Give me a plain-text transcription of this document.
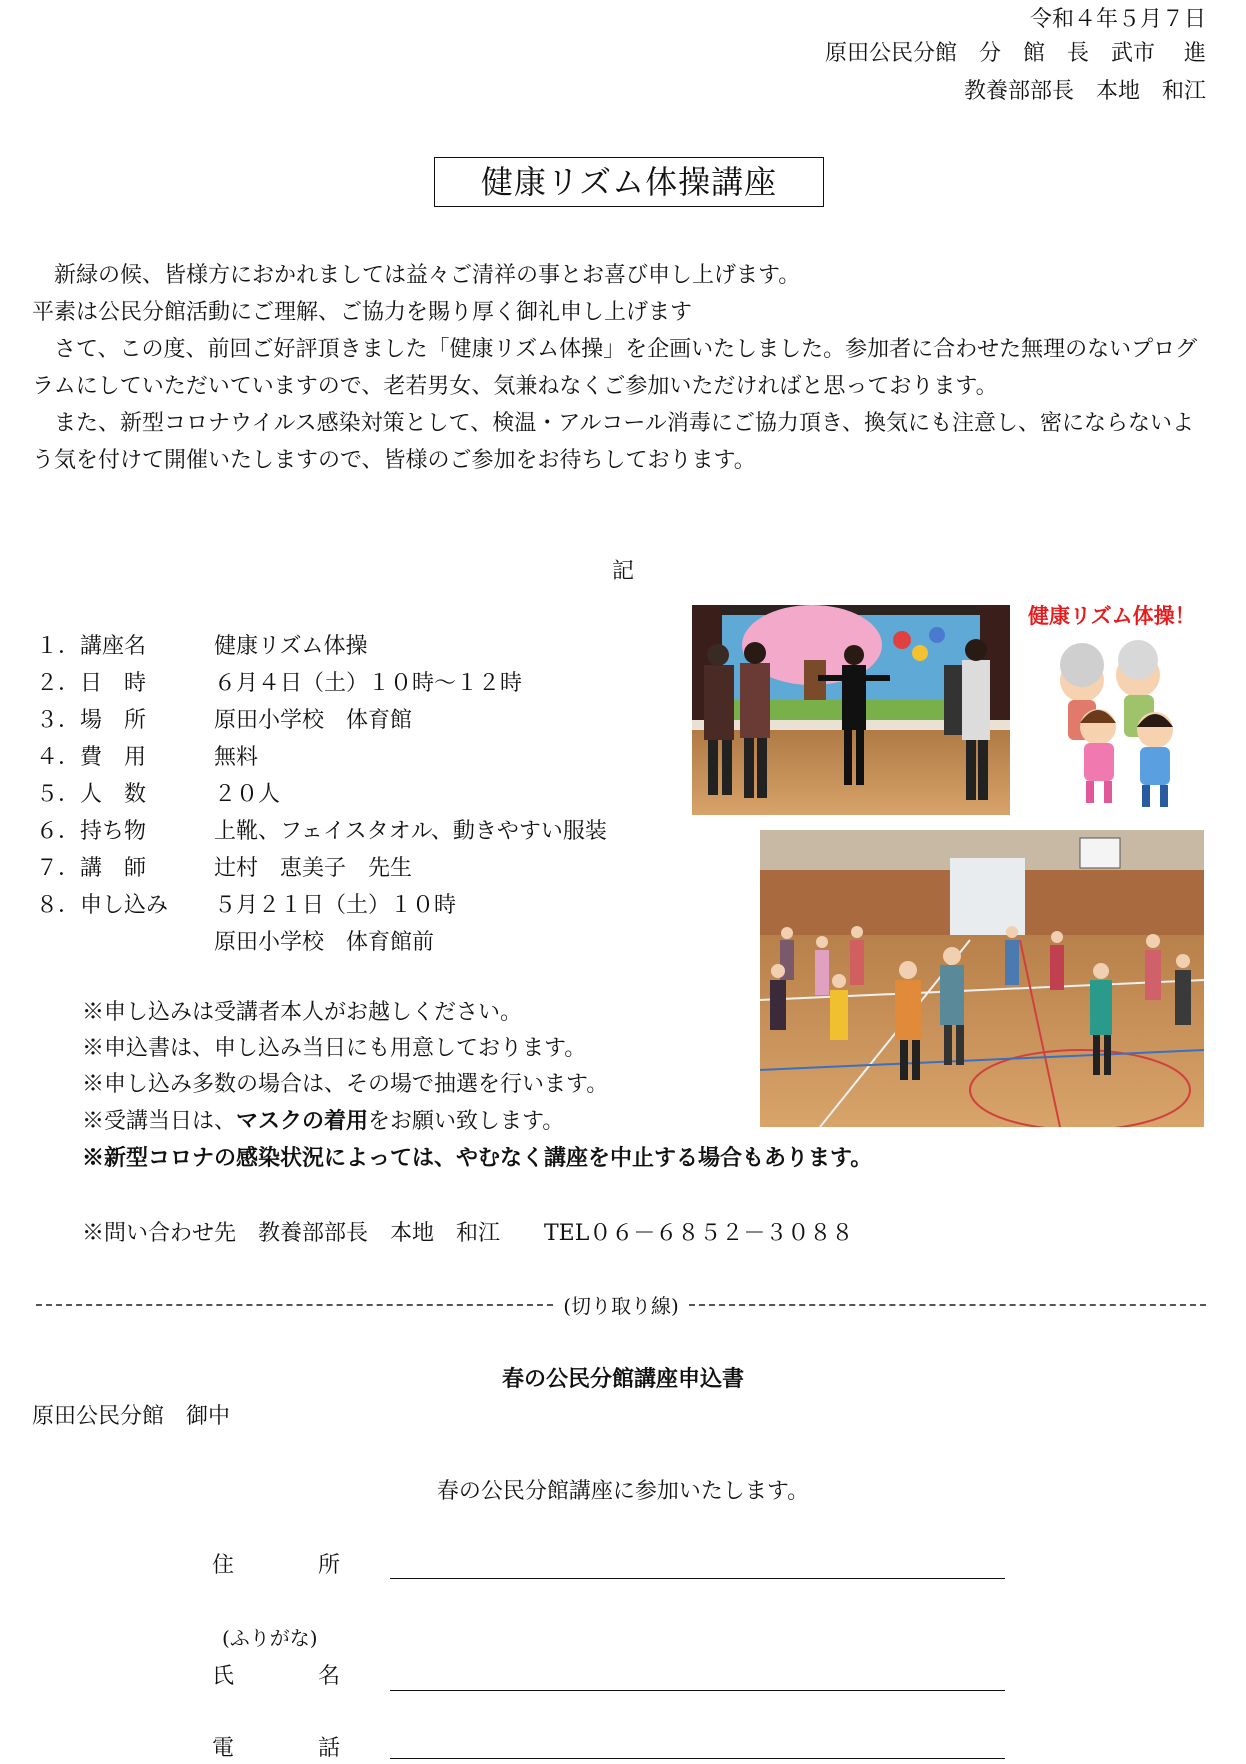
令和４年５月７日
原田公民分館　分　館　長　武市　 進
教養部部長　本地　和江
健康リズム体操講座

新緑の候、皆様方におかれましては益々ご清祥の事とお喜び申し上げます。

平素は公民分館活動にご理解、ご協力を賜り厚く御礼申し上げます

さて、この度、前回ご好評頂きました「健康リズム体操」を企画いたしました。参加者に合わせた無理のないプログラムにしていただいていますので、老若男女、気兼ねなくご参加いただければと思っております。

また、新型コロナウイルス感染対策として、検温・アルコール消毒にご協力頂き、換気にも注意し、密にならないよう気を付けて開催いたしますので、皆様のご参加をお待ちしております。

記
１．講座名	健康リズム体操
２．日　時	６月４日（土）１０時～１２時
３．場　所	原田小学校　体育館
４．費　用	無料
５．人　数	２０人
６．持ち物	上靴、フェイスタオル、動きやすい服装
７．講　師	辻村　恵美子　先生
８．申し込み	５月２１日（土）１０時
原田小学校　体育館前
健康リズム体操！
※申し込みは受講者本人がお越しください。
※申込書は、申し込み当日にも用意しております。
※申し込み多数の場合は、その場で抽選を行います。
※受講当日は、マスクの着用をお願い致します。
※新型コロナの感染状況によっては、やむなく講座を中止する場合もあります。
※問い合わせ先　教養部部長　本地　和江　　TEL０６－６８５２－３０８８
(切り取り線)
春の公民分館講座申込書
原田公民分館　御中
春の公民分館講座に参加いたします。
住	所
(ふりがな)
氏	名
電	話
